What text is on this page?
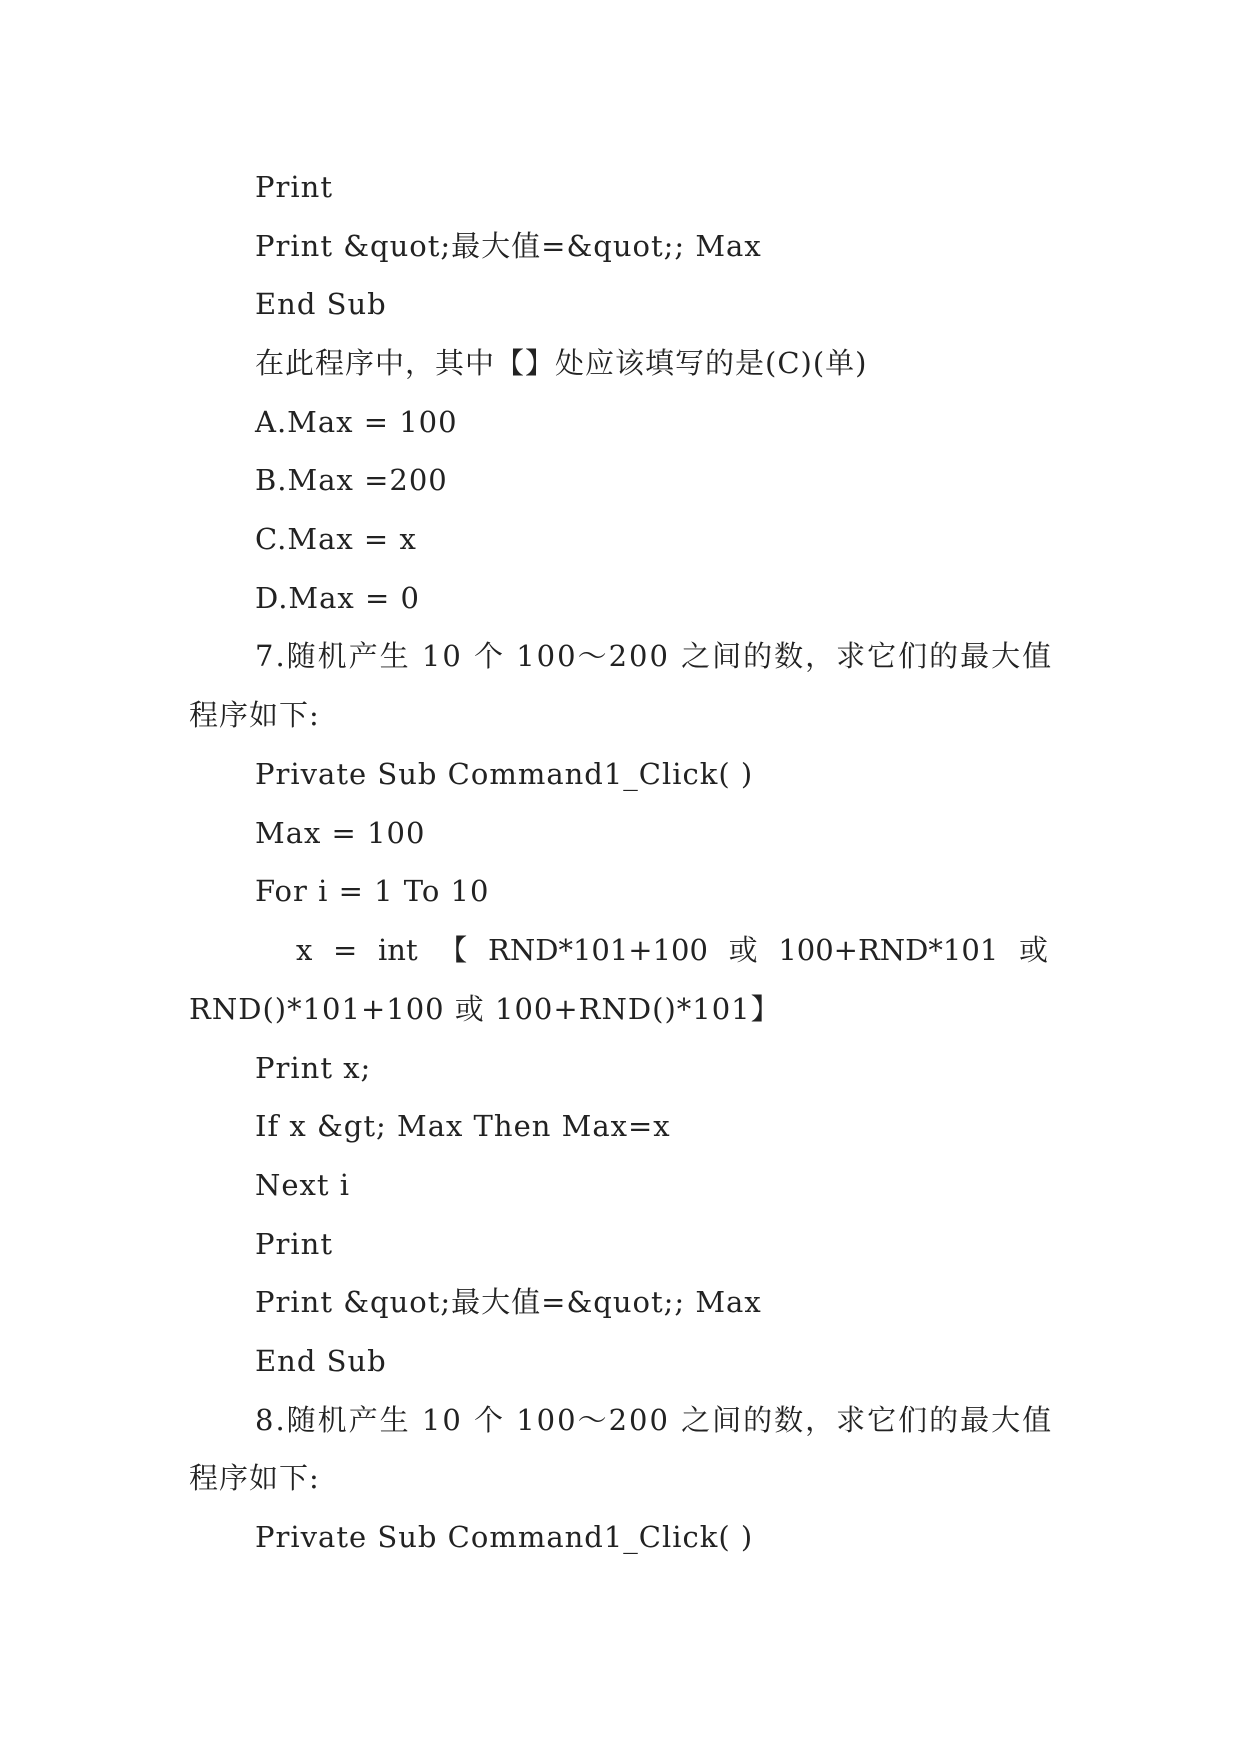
Print

Print &quot;最大值=&quot;; Max

End Sub

在此程序中，其中【】处应该填写的是(C)(单)

A.Max = 100

B.Max =200

C.Max = x

D.Max = 0

7.随机产生 10 个 100～200 之间的数，求它们的最大值

程序如下:

Private Sub Command1_Click( )

Max = 100

For i = 1 To 10

x = int 【 RND*101+100 或 100+RND*101 或

RND()*101+100 或 100+RND()*101】

Print x;

If x &gt; Max Then Max=x

Next i

Print

Print &quot;最大值=&quot;; Max

End Sub

8.随机产生 10 个 100～200 之间的数，求它们的最大值

程序如下:

Private Sub Command1_Click( )
